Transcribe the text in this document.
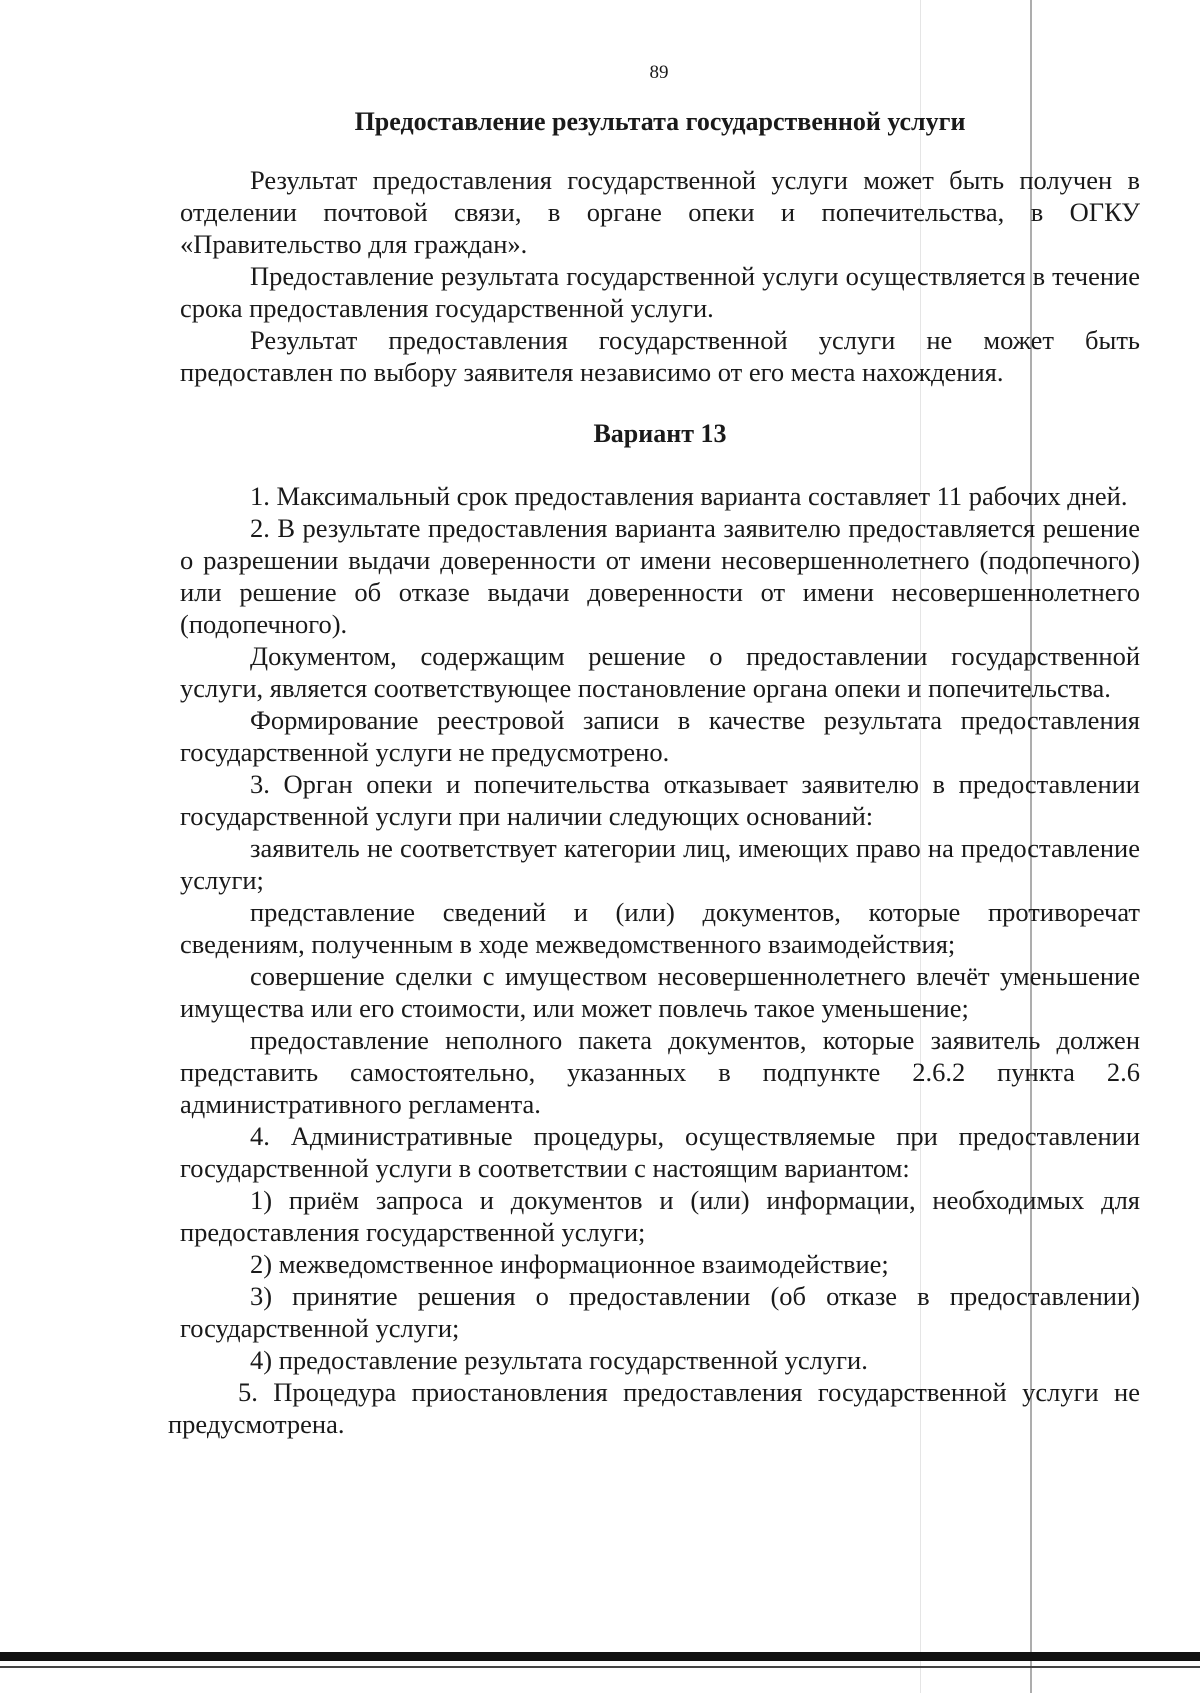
89
Предоставление результата государственной услуги

Результат предоставления государственной услуги может быть получен в отделении почтовой связи, в органе опеки и попечительства, в ОГКУ «Правительство для граждан».

Предоставление результата государственной услуги осуществляется в течение срока предоставления государственной услуги.

Результат предоставления государственной услуги не может быть предоставлен по выбору заявителя независимо от его места нахождения.

Вариант 13

1. Максимальный срок предоставления варианта составляет 11 рабочих дней.

2. В результате предоставления варианта заявителю предоставляется решение о разрешении выдачи доверенности от имени несовершеннолетнего (подопечного) или решение об отказе выдачи доверенности от имени несовершеннолетнего (подопечного).

Документом, содержащим решение о предоставлении государственной услуги, является соответствующее постановление органа опеки и попечительства.

Формирование реестровой записи в качестве результата предоставления государственной услуги не предусмотрено.

3. Орган опеки и попечительства отказывает заявителю в предоставлении государственной услуги при наличии следующих оснований:

заявитель не соответствует категории лиц, имеющих право на предоставление услуги;

представление сведений и (или) документов, которые противоречат сведениям, полученным в ходе межведомственного взаимодействия;

совершение сделки с имуществом несовершеннолетнего влечёт уменьшение имущества или его стоимости, или может повлечь такое уменьшение;

предоставление неполного пакета документов, которые заявитель должен представить самостоятельно, указанных в подпункте 2.6.2 пункта 2.6 административного регламента.

4. Административные процедуры, осуществляемые при предоставлении государственной услуги в соответствии с настоящим вариантом:

1) приём запроса и документов и (или) информации, необходимых для предоставления государственной услуги;

2) межведомственное информационное взаимодействие;

3) принятие решения о предоставлении (об отказе в предоставлении) государственной услуги;

4) предоставление результата государственной услуги.

5. Процедура приостановления предоставления государственной услуги не предусмотрена.
